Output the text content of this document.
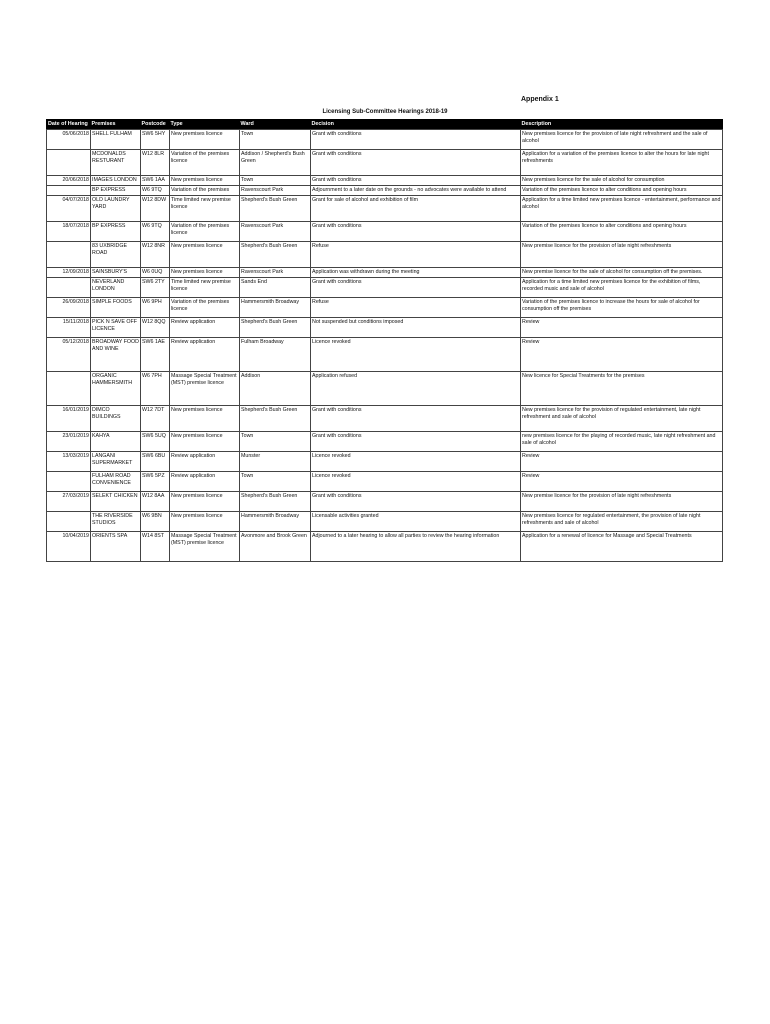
Appendix 1
Licensing Sub-Committee Hearings 2018-19
Date of Hearing	Premises	Postcode	Type	Ward	Decision	Description
05/06/2018	SHELL FULHAM	SW6 5HY	New premises licence	Town	Grant with conditions	New premises licence for the provision of late night refreshment and the sale of alcohol
	MCDONALDS RESTURANT	W12 8LR	Variation of the premises licence	Addison / Shepherd's Bush Green	Grant with conditions	Application for a variation of the premises licence to alter the hours for late night refreshments
20/06/2018	IMAGES LONDON	SW6 1AA	New premises licence	Town	Grant with conditions	New premises licence for the sale of alcohol for consumption
	BP EXPRESS	W6 9TQ	Variation of the premises	Ravenscourt Park	Adjournment to a later date on the grounds - no advocates were available to attend	Variation of the premises licence to alter conditions and opening hours
04/07/2018	OLD LAUNDRY YARD	W12 8DW	Time limited new premise licence	Shepherd's Bush Green	Grant for sale of alcohol and exhibition of film	Application for a time limited new premises licence - entertainment, performance and alcohol
18/07/2018	BP EXPRESS	W6 9TQ	Variation of the premises licence	Ravenscourt Park	Grant with conditions	Variation of the premises licence to alter conditions and opening hours
	83 UXBRIDGE ROAD	W12 8NR	New premises licence	Shepherd's Bush Green	Refuse	New premise licence for the provision of late night refreshments
12/09/2018	SAINSBURY'S	W6 0UQ	New premises licence	Ravenscourt Park	Application was withdrawn during the meeting	New premise licence for the sale of alcohol for consumption off the premises.
	NEVERLAND LONDON	SW6 2TY	Time limited new premise licence	Sands End	Grant with conditions	Application for a time limited new premises licence for the exhibition of films, recorded music and sale of alcohol
26/09/2018	SIMPLE FOODS	W6 9PH	Variation of the premises licence	Hammersmith Broadway	Refuse	Variation of the premises licence to increase the hours for sale of alcohol for consumption off the premises
15/11/2018	PICK N SAVE OFF LICENCE	W12 8QQ	Review application	Shepherd's Bush Green	Not suspended but conditions imposed	Review
05/12/2018	BROADWAY FOOD AND WINE	SW6 1AE	Review application	Fulham Broadway	Licence revoked	Review
	ORGANIC HAMMERSMITH	W6 7PH	Massage Special Treatment (MST) premise licence	Addison	Application refused	New licence for Special Treatments for the premises
16/01/2019	DIMCO BUILDINGS	W12 7DT	New premises licence	Shepherd's Bush Green	Grant with conditions	New premises licence for the provision of regulated entertainment, late night refreshment and sale of alcohol
23/01/2019	KAHYA	SW6 5UQ	New premises licence	Town	Grant with conditions	new premises licence for the playing of recorded music, late night refreshment and sale of alcohol
13/03/2019	LANGANI SUPERMARKET	SW6 6BU	Review application	Munster	Licence revoked	Review
	FULHAM ROAD CONVENIENCE	SW6 5PZ	Review application	Town	Licence revoked	Review
27/03/2019	SELEKT CHICKEN	W12 8AA	New premises licence	Shepherd's Bush Green	Grant with conditions	New premise licence for the provision of late night refreshments
	THE RIVERSIDE STUDIOS	W6 9BN	New premises licence	Hammersmith Broadway	Licensable activities granted	New premises licence for regulated entertainment, the provision of late night refreshments and sale of alcohol
10/04/2019	ORIENTS SPA	W14 8ST	Massage Special Treatment (MST) premise licence	Avonmore and Brook Green	Adjourned to a later hearing to allow all parties to review the hearing information	Application for a renewal of licence for Massage and Special Treatments
